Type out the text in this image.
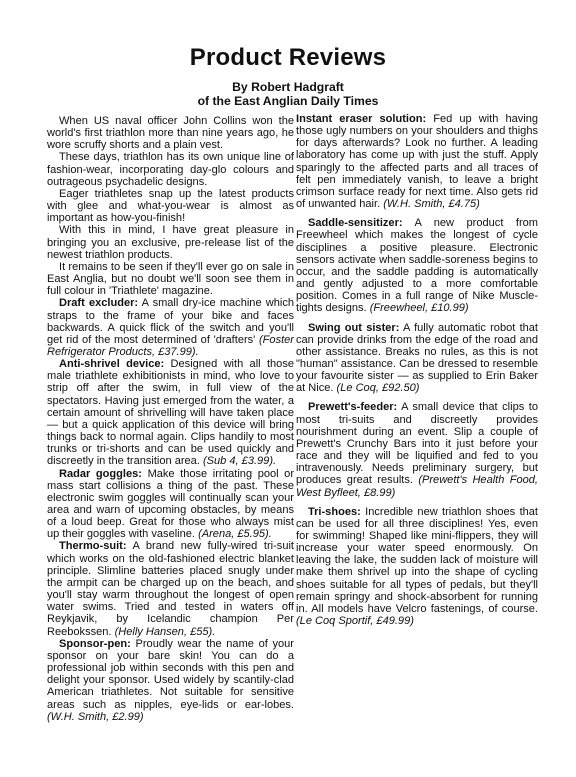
Product Reviews
By Robert Hadgraft
of the East Anglian Daily Times

When US naval officer John Collins won the world's first triathlon more than nine years ago, he wore scruffy shorts and a plain vest.

These days, triathlon has its own unique line of fashion-wear, incorporating day-glo colours and outrageous psychadelic designs.

Eager triathletes snap up the latest products with glee and what-you-wear is almost as important as how-you-finish!

With this in mind, I have great pleasure in bringing you an exclusive, pre-release list of the newest triathlon products.

It remains to be seen if they'll ever go on sale in East Anglia, but no doubt we'll soon see them in full colour in 'Triathlete' magazine.

Draft excluder: A small dry-ice machine which straps to the frame of your bike and faces backwards. A quick flick of the switch and you'll get rid of the most determined of 'drafters' (Foster Refrigerator Products, £37.99).

Anti-shrivel device: Designed with all those male triathlete exhibitionists in mind, who love to strip off after the swim, in full view of the spectators. Having just emerged from the water, a certain amount of shrivelling will have taken place — but a quick application of this device will bring things back to normal again. Clips handily to most trunks or tri-shorts and can be used quickly and discreetly in the transition area. (Sub 4, £3.99).

Radar goggles: Make those irritating pool or mass start collisions a thing of the past. These electronic swim goggles will continually scan your area and warn of upcoming obstacles, by means of a loud beep. Great for those who always mist up their goggles with vaseline. (Arena, £5.95).

Thermo-suit: A brand new fully-wired tri-suit which works on the old-fashioned electric blanket principle. Slimline batteries placed snugly under the armpit can be charged up on the beach, and you'll stay warm throughout the longest of open water swims. Tried and tested in waters off Reykjavik, by Icelandic champion Per Reebokssen. (Helly Hansen, £55).

Sponsor-pen: Proudly wear the name of your sponsor on your bare skin! You can do a professional job within seconds with this pen and delight your sponsor. Used widely by scantily-clad American triathletes. Not suitable for sensitive areas such as nipples, eye-lids or ear-lobes. (W.H. Smith, £2.99)

Instant eraser solution: Fed up with having those ugly numbers on your shoulders and thighs for days afterwards? Look no further. A leading laboratory has come up with just the stuff. Apply sparingly to the affected parts and all traces of felt pen immediately vanish, to leave a bright crimson surface ready for next time. Also gets rid of unwanted hair. (W.H. Smith, £4.75)

Saddle-sensitizer: A new product from Freewheel which makes the longest of cycle disciplines a positive pleasure. Electronic sensors activate when saddle-soreness begins to occur, and the saddle padding is automatically and gently adjusted to a more comfortable position. Comes in a full range of Nike Muscle-tights designs. (Freewheel, £10.99)

Swing out sister: A fully automatic robot that can provide drinks from the edge of the road and other assistance. Breaks no rules, as this is not "human" assistance. Can be dressed to resemble your favourite sister — as supplied to Erin Baker at Nice. (Le Coq, £92.50)

Prewett's-feeder: A small device that clips to most tri-suits and discreetly provides nourishment during an event. Slip a couple of Prewett's Crunchy Bars into it just before your race and they will be liquified and fed to you intravenously. Needs preliminary surgery, but produces great results. (Prewett's Health Food, West Byfleet, £8.99)

Tri-shoes: Incredible new triathlon shoes that can be used for all three disciplines! Yes, even for swimming! Shaped like mini-flippers, they will increase your water speed enormously. On leaving the lake, the sudden lack of moisture will make them shrivel up into the shape of cycling shoes suitable for all types of pedals, but they'll remain springy and shock-absorbent for running in. All models have Velcro fastenings, of course. (Le Coq Sportif, £49.99)
